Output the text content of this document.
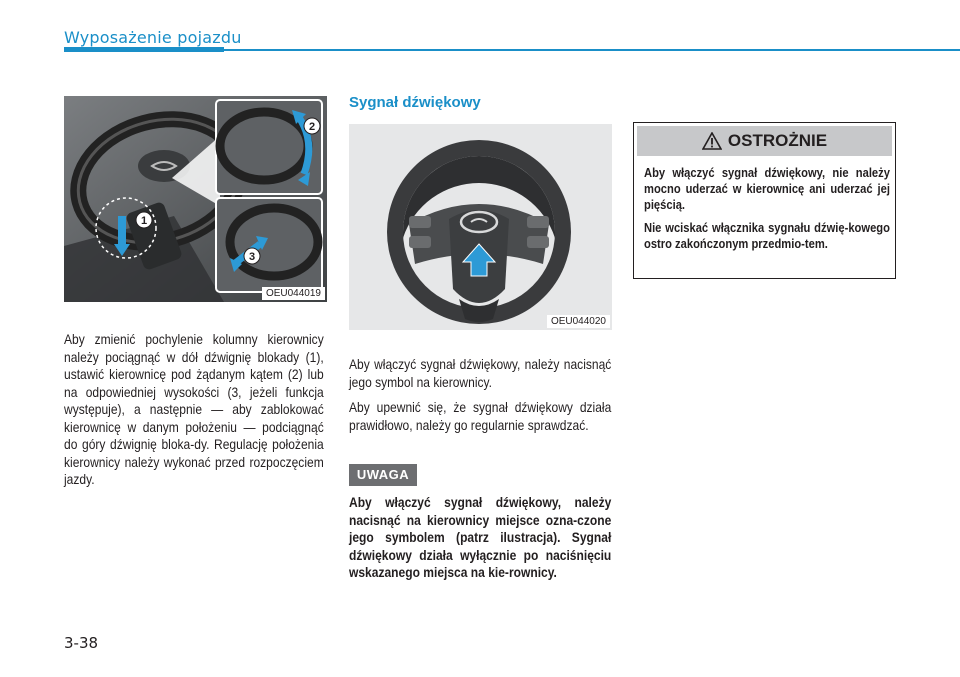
Wyposażenie pojazdu
1
2
3
OEU044019

Aby zmienić pochylenie kolumny kierownicy należy pociągnąć w dół dźwignię blokady (1), ustawić kierownicę pod żądanym kątem (2) lub na odpowiedniej wysokości (3, jeżeli funkcja występuje), a następnie — aby zablokować kierownicę w danym położeniu — podciągnąć do góry dźwignię bloka-dy. Regulację położenia kierownicy należy wykonać przed rozpoczęciem jazdy.

Sygnał dźwiękowy
OEU044020

Aby włączyć sygnał dźwiękowy, należy nacisnąć jego symbol na kierownicy.

Aby upewnić się, że sygnał dźwiękowy działa prawidłowo, należy go regularnie sprawdzać.

UWAGA

Aby włączyć sygnał dźwiękowy, należy nacisnąć na kierownicy miejsce ozna-czone jego symbolem (patrz ilustracja). Sygnał dźwiękowy działa wyłącznie po naciśnięciu wskazanego miejsca na kie-rownicy.

OSTROŻNIE

Aby włączyć sygnał dźwiękowy, nie należy mocno uderzać w kierownicę ani uderzać jej pięścią.

Nie wciskać włącznika sygnału dźwię-kowego ostro zakończonym przedmio-tem.

3-38
